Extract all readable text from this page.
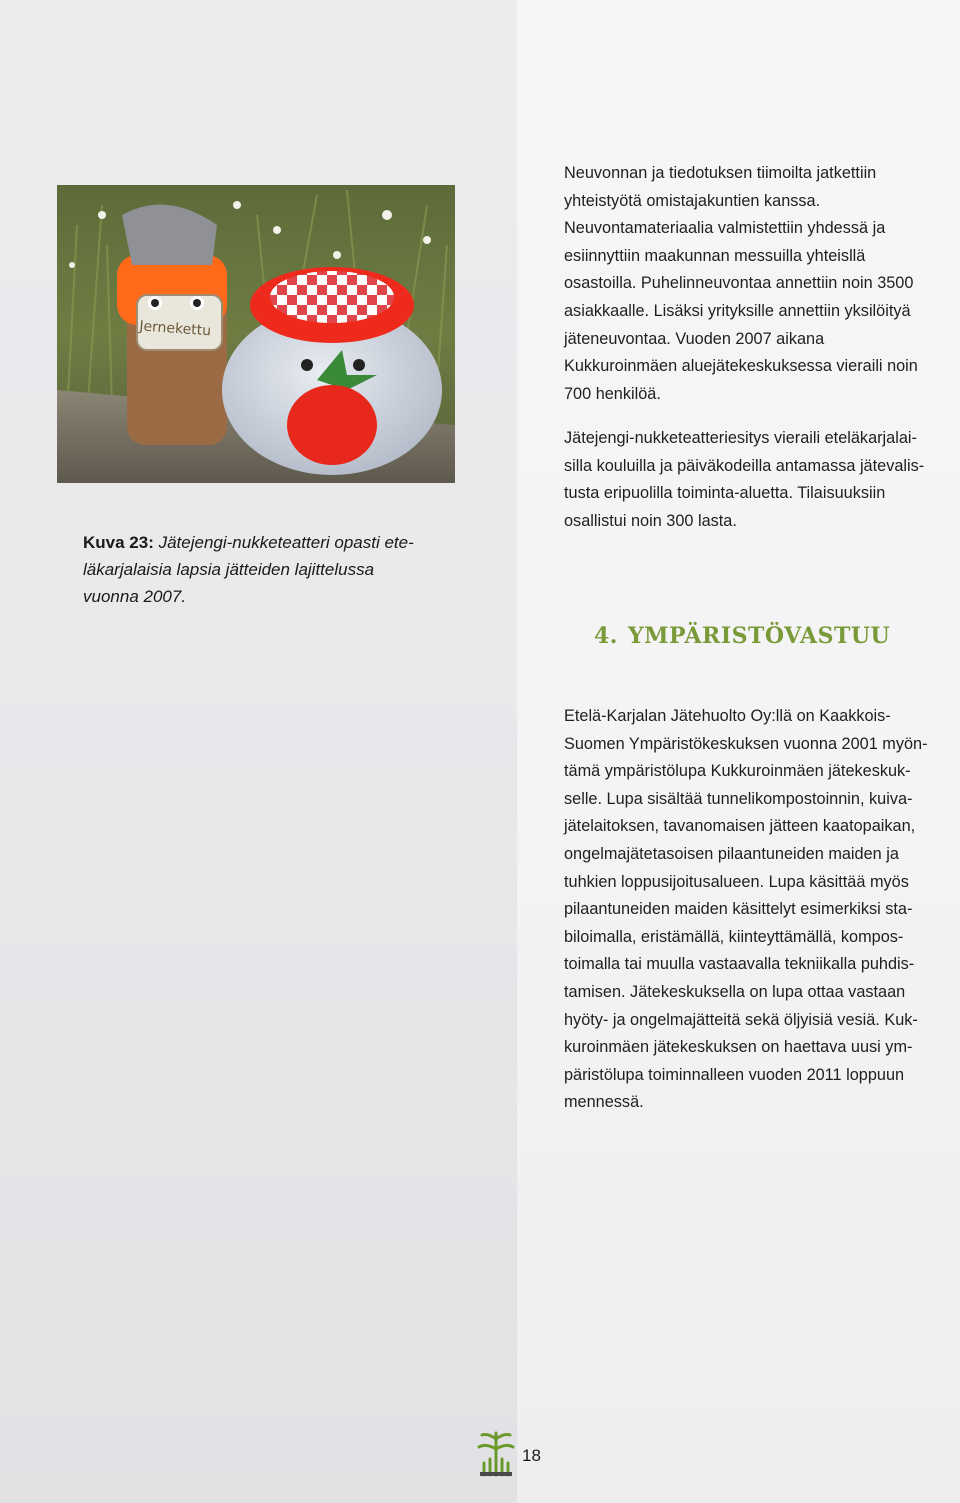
Jernekettu
Kuva 23: Jätejengi-nukketeatteri opasti ete-
läkarjalaisia lapsia jätteiden lajittelussa
vuonna 2007.
Neuvonnan ja tiedotuksen tiimoilta jatkettiin
yhteistyötä omistajakuntien kanssa.
Neuvontamateriaalia valmistettiin yhdessä ja
esiinnyttiin maakunnan messuilla yhteisllä
osastoilla. Puhelinneuvontaa annettiin noin 3500
asiakkaalle. Lisäksi yrityksille annettiin yksilöityä
jäteneuvontaa. Vuoden 2007 aikana
Kukkuroinmäen aluejätekeskuksessa vieraili noin
700 henkilöä.
Jätejengi-nukketeatteriesitys vieraili eteläkarjalai-
silla kouluilla ja päiväkodeilla antamassa jätevalis-
tusta eripuolilla toiminta-aluetta. Tilaisuuksiin
osallistui noin 300 lasta.
4. YMPÄRISTÖVASTUU
Etelä-Karjalan Jätehuolto Oy:llä on Kaakkois-
Suomen Ympäristökeskuksen vuonna 2001 myön-
tämä ympäristölupa Kukkuroinmäen jätekeskuk-
selle. Lupa sisältää tunnelikompostoinnin, kuiva-
jätelaitoksen, tavanomaisen jätteen kaatopaikan,
ongelmajätetasoisen pilaantuneiden maiden ja
tuhkien loppusijoitusalueen. Lupa käsittää myös
pilaantuneiden maiden käsittelyt esimerkiksi sta-
biloimalla, eristämällä, kiinteyttämällä, kompos-
toimalla tai muulla vastaavalla tekniikalla puhdis-
tamisen. Jätekeskuksella on lupa ottaa vastaan
hyöty- ja ongelmajätteitä sekä öljyisiä vesiä. Kuk-
kuroinmäen jätekeskuksen on haettava uusi ym-
päristölupa toiminnalleen vuoden 2011 loppuun
mennessä.
18
